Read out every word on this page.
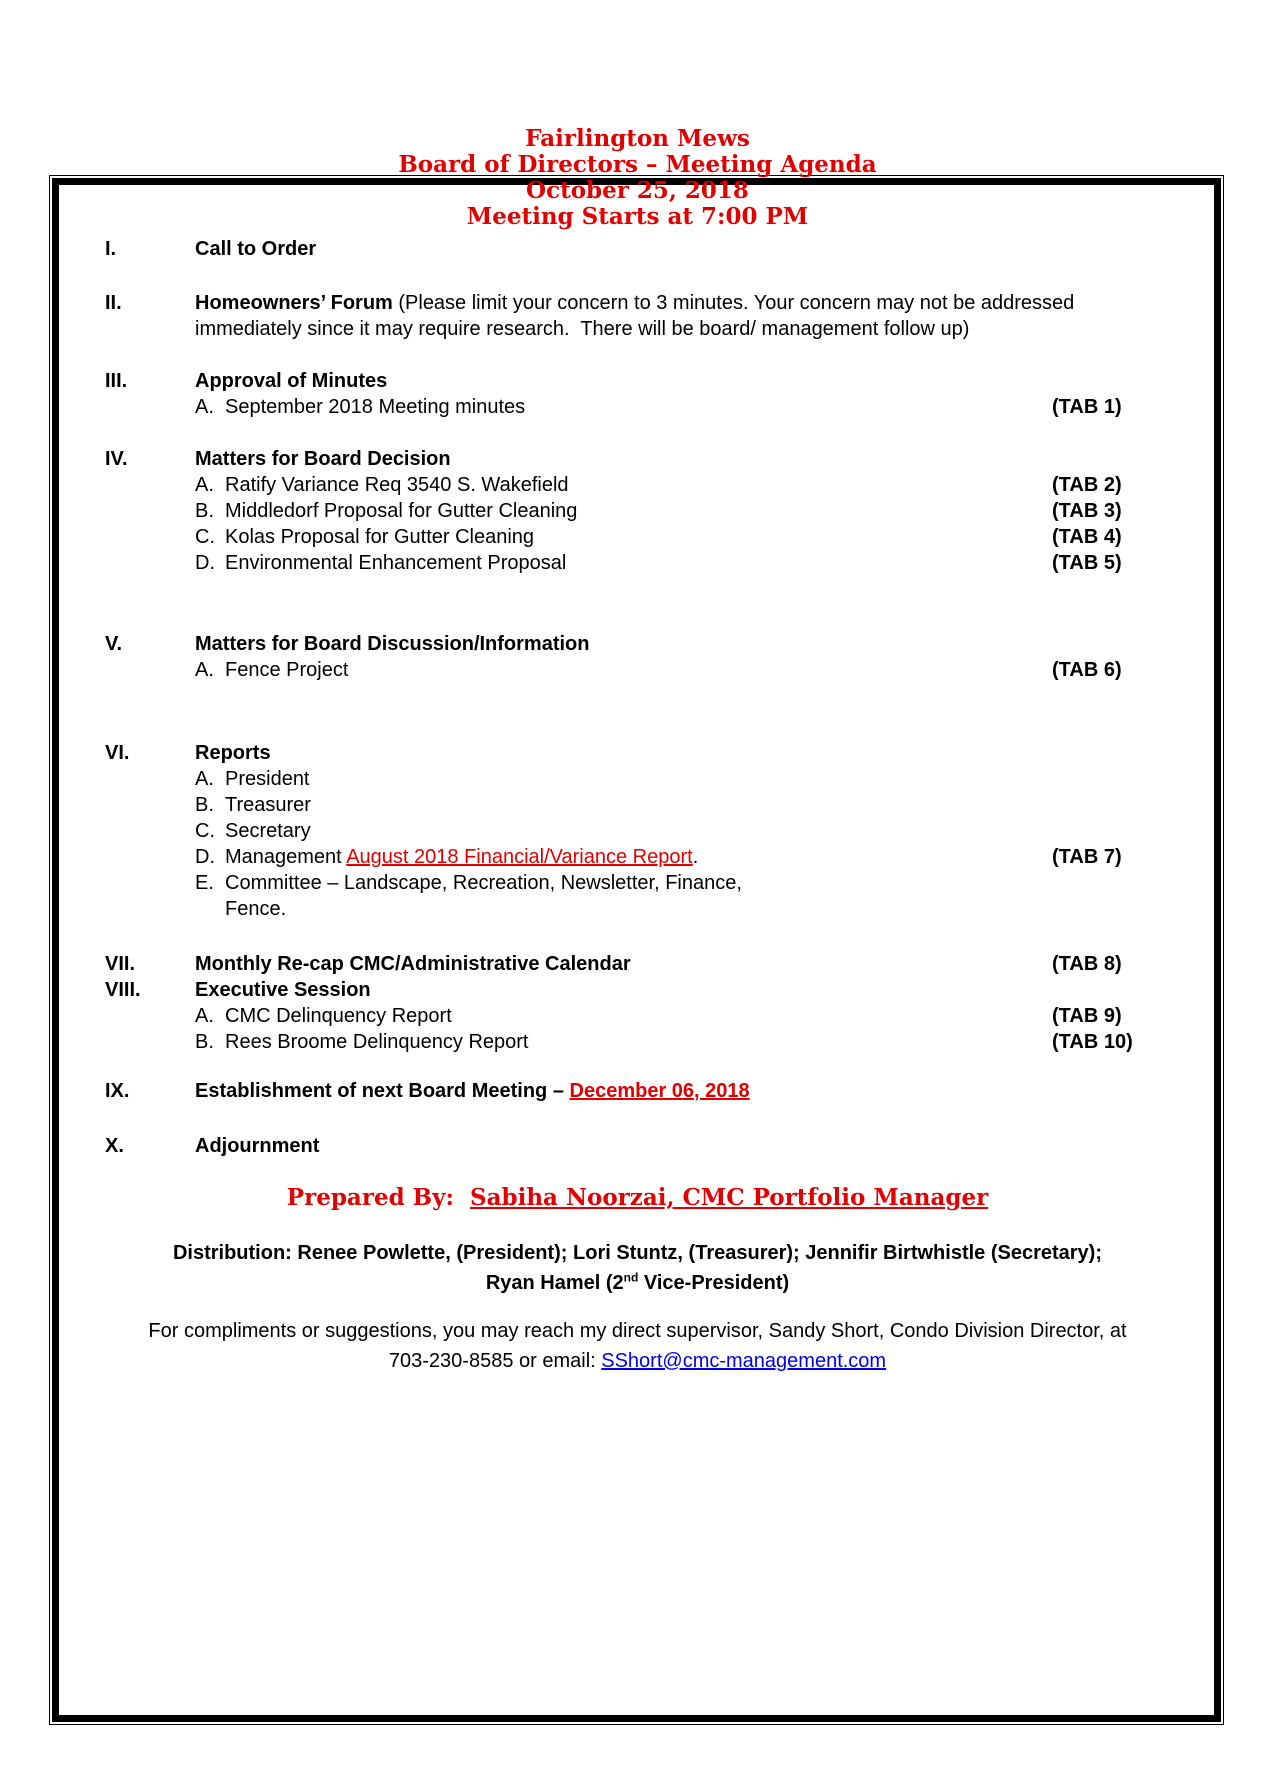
Fairlington Mews
Board of Directors – Meeting Agenda
October 25, 2018
Meeting Starts at 7:00 PM
I.	Call to Order
II.	Homeowners’ Forum (Please limit your concern to 3 minutes. Your concern may not be addressed
immediately since it may require research.  There will be board/ management follow up)
III.	Approval of Minutes
A. September 2018 Meeting minutes	(TAB 1)
IV.	Matters for Board Decision
A. Ratify Variance Req 3540 S. Wakefield	(TAB 2)
B. Middledorf Proposal for Gutter Cleaning	(TAB 3)
C. Kolas Proposal for Gutter Cleaning	(TAB 4)
D. Environmental Enhancement Proposal	(TAB 5)
V.	Matters for Board Discussion/Information
A. Fence Project	(TAB 6)
VI.	Reports
A. President
B. Treasurer
C. Secretary
D. Management August 2018 Financial/Variance Report.	(TAB 7)
E. Committee – Landscape, Recreation, Newsletter, Finance,
Fence.
VII.	Monthly Re-cap CMC/Administrative Calendar	(TAB 8)
VIII.	Executive Session
A. CMC Delinquency Report	(TAB 9)
B. Rees Broome Delinquency Report	(TAB 10)
IX.	Establishment of next Board Meeting – December 06, 2018
X.	Adjournment
Prepared By:  Sabiha Noorzai, CMC Portfolio Manager
Distribution: Renee Powlette, (President); Lori Stuntz, (Treasurer); Jennifir Birtwhistle (Secretary);
Ryan Hamel (2nd Vice-President)
For compliments or suggestions, you may reach my direct supervisor, Sandy Short, Condo Division Director, at
703-230-8585 or email: SShort@cmc-management.com
